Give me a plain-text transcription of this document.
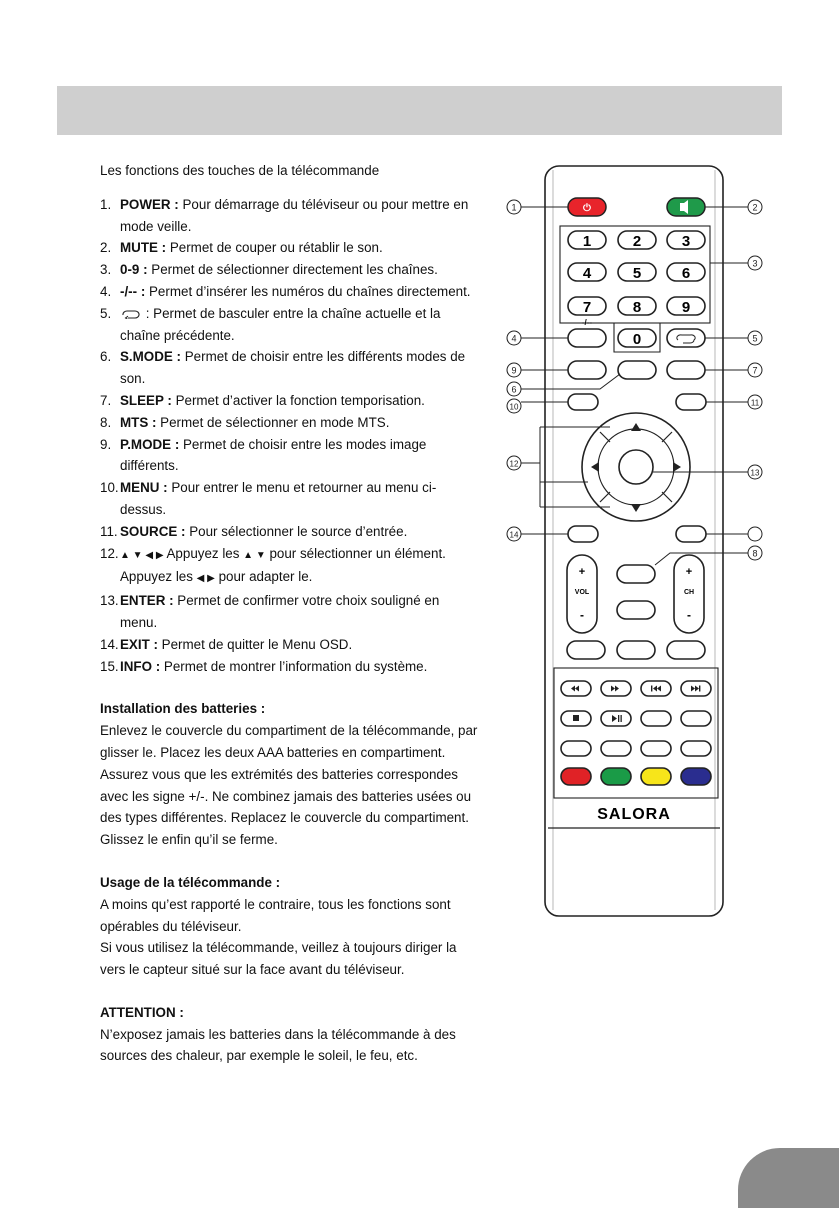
Les fonctions des touches de la télécommande

1. POWER : Pour démarrage du téléviseur ou pour mettre en mode veille.
2. MUTE : Permet de couper ou rétablir le son.
3. 0-9 : Permet de sélectionner directement les chaînes.
4. -/-- : Permet d’insérer les numéros du chaînes directement.
5. : Permet de basculer entre la chaîne actuelle et la chaîne précédente.
6. S.MODE : Permet de choisir entre les différents modes de son.
7. SLEEP : Permet d’activer la fonction temporisation.
8. MTS : Permet de sélectionner en mode MTS.
9. P.MODE : Permet de choisir entre les modes image différents.
10. MENU : Pour entrer le menu et retourner au menu ci-dessus.
11. SOURCE : Pour sélectionner le source d’entrée.
12. ▲ ▼ ◀ ▶ Appuyez les ▲ ▼ pour sélectionner un élément. Appuyez les ◀ ▶ pour adapter le.
13. ENTER : Permet de confirmer votre choix souligné en menu.
14. EXIT : Permet de quitter le Menu OSD.
15. INFO : Permet de montrer l’information du système.
Installation des batteries :

Enlevez le couvercle du compartiment de la télécommande, par glisser le. Placez les deux AAA batteries en compartiment. Assurez vous que les extrémités des batteries correspondes avec les signe +/-. Ne combinez jamais des batteries usées ou des types différentes. Replacez le couvercle du compartiment. Glissez le enfin qu’il se ferme.

Usage de la télécommande :

A moins qu’est rapporté le contraire, tous les fonctions sont opérables du téléviseur.

Si vous utilisez la télécommande, veillez à toujours diriger la vers le capteur situé sur la face avant du téléviseur.

ATTENTION :

N’exposez jamais les batteries dans la télécommande à des sources des chaleur, par exemple le soleil, le feu, etc.

⏻
1	2	3
4	5	6
7	8	9
0
-/--
+
VOL
-
+
CH
-
SALORA
1	2
3
4	5
6
7
8
9
10	11
12
13
14
